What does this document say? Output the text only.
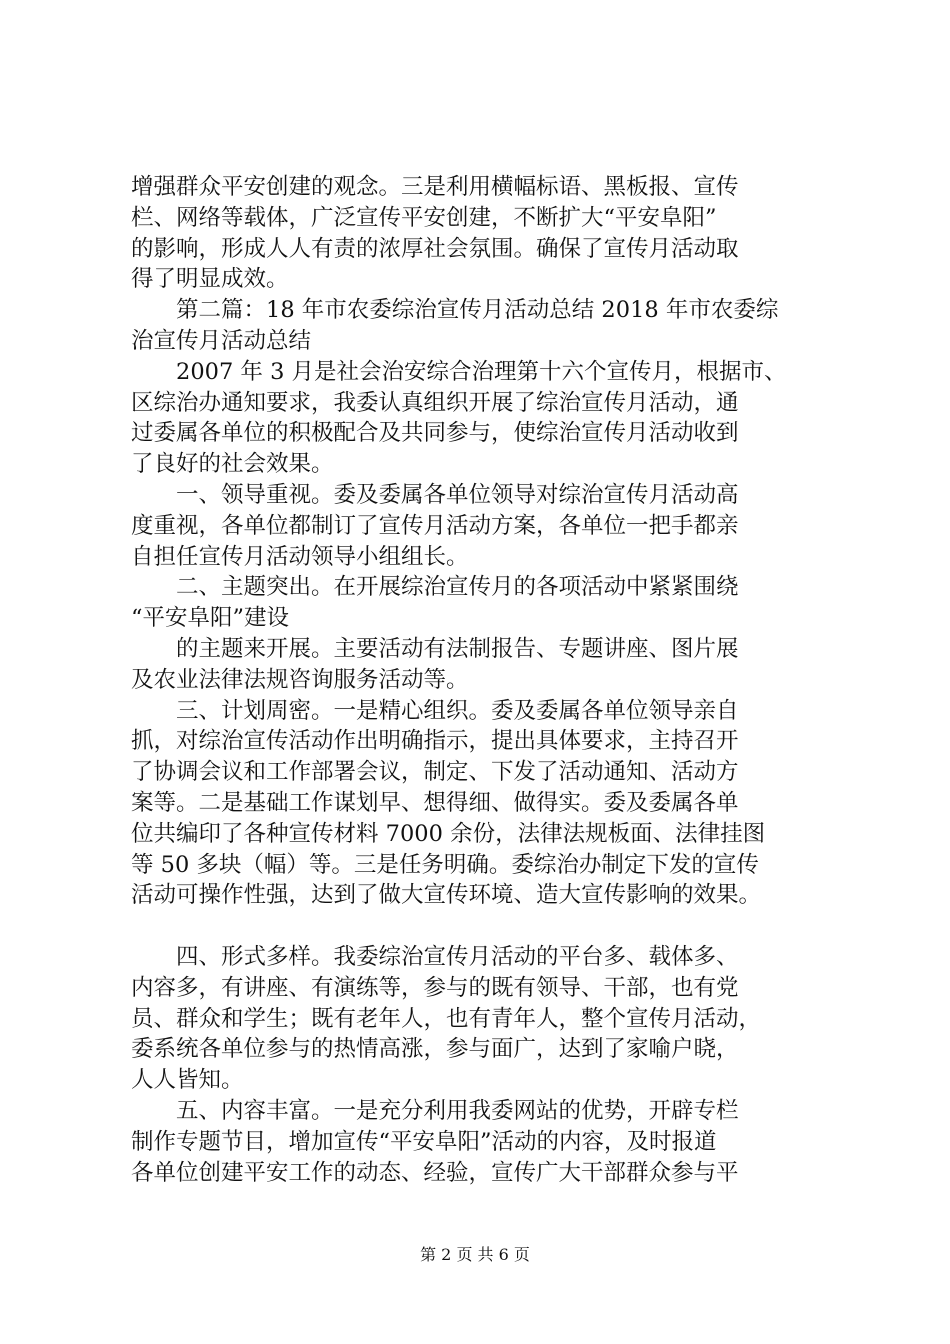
增强群众平安创建的观念。三是利用横幅标语、黑板报、宣传
栏、网络等载体，广泛宣传平安创建，不断扩大“平安阜阳”
的影响，形成人人有责的浓厚社会氛围。确保了宣传月活动取
得了明显成效。
　　第二篇：18 年市农委综治宣传月活动总结 2018 年市农委综
治宣传月活动总结
　　2007 年 3 月是社会治安综合治理第十六个宣传月，根据市、
区综治办通知要求，我委认真组织开展了综治宣传月活动，通
过委属各单位的积极配合及共同参与，使综治宣传月活动收到
了良好的社会效果。
　　一、领导重视。委及委属各单位领导对综治宣传月活动高
度重视，各单位都制订了宣传月活动方案，各单位一把手都亲
自担任宣传月活动领导小组组长。
　　二、主题突出。在开展综治宣传月的各项活动中紧紧围绕
“平安阜阳”建设
　　的主题来开展。主要活动有法制报告、专题讲座、图片展
及农业法律法规咨询服务活动等。
　　三、计划周密。一是精心组织。委及委属各单位领导亲自
抓，对综治宣传活动作出明确指示，提出具体要求，主持召开
了协调会议和工作部署会议，制定、下发了活动通知、活动方
案等。二是基础工作谋划早、想得细、做得实。委及委属各单
位共编印了各种宣传材料 7000 余份，法律法规板面、法律挂图
等 50 多块（幅）等。三是任务明确。委综治办制定下发的宣传
活动可操作性强，达到了做大宣传环境、造大宣传影响的效果。
　　四、形式多样。我委综治宣传月活动的平台多、载体多、
内容多，有讲座、有演练等，参与的既有领导、干部，也有党
员、群众和学生；既有老年人，也有青年人，整个宣传月活动，
委系统各单位参与的热情高涨，参与面广，达到了家喻户晓，
人人皆知。
　　五、内容丰富。一是充分利用我委网站的优势，开辟专栏
制作专题节目，增加宣传“平安阜阳”活动的内容，及时报道
各单位创建平安工作的动态、经验，宣传广大干部群众参与平
第 2 页 共 6 页
